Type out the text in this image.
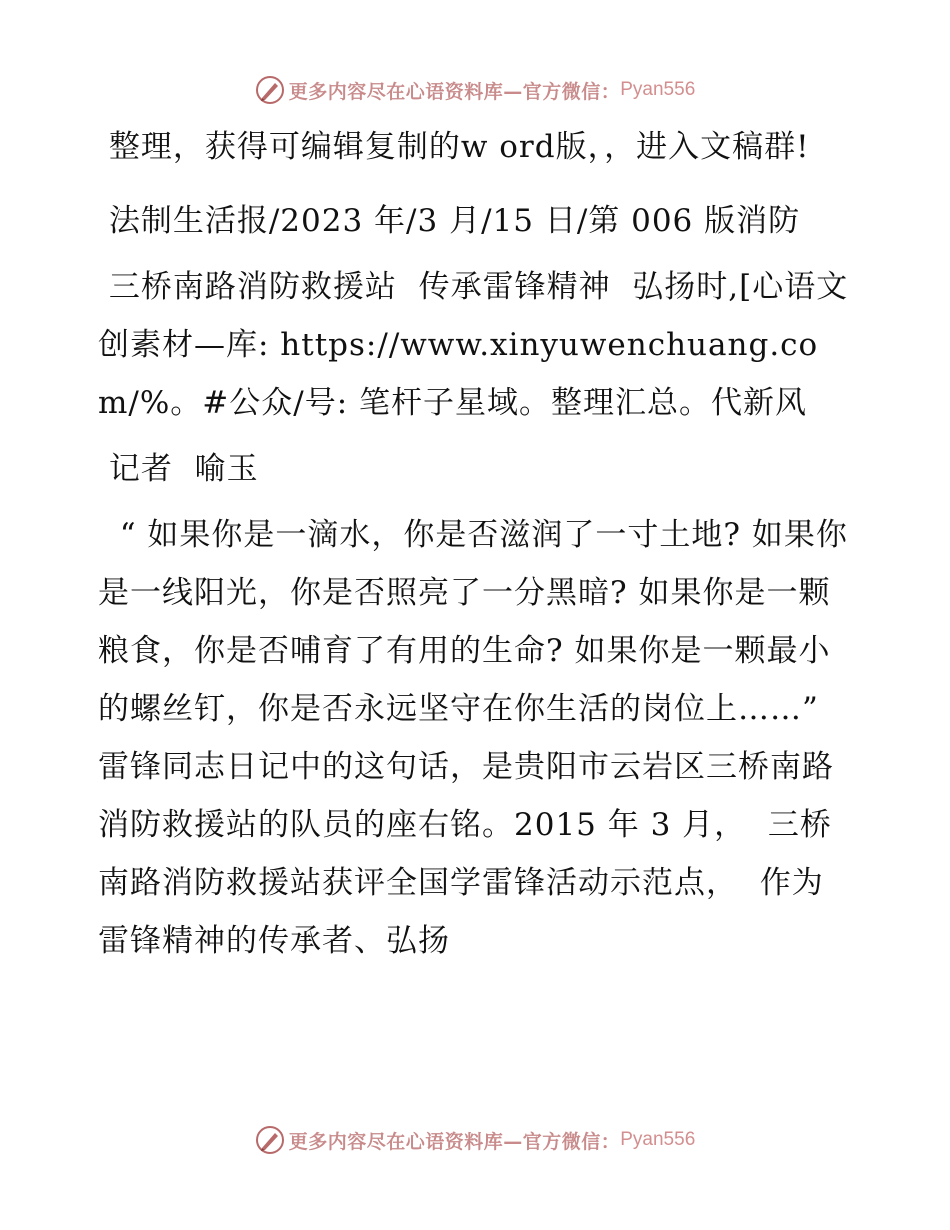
更多内容尽在心语资料库—官方微信： Pyan556

整理，获得可编辑复制的w ord版，，进入文稿群!

法制生活报/2023 年/3 月/15 日/第 006 版消防

三桥南路消防救援站  传承雷锋精神  弘扬时,[心语文创素材—库: https://www.xinyuwenchuang.com/%。#公众/号: 笔杆子星域。整理汇总。代新风

记者  喻玉

“ 如果你是一滴水，你是否滋润了一寸土地? 如果你是一线阳光，你是否照亮了一分黑暗? 如果你是一颗粮食，你是否哺育了有用的生命? 如果你是一颗最小的螺丝钉，你是否永远坚守在你生活的岗位上……”  雷锋同志日记中的这句话，是贵阳市云岩区三桥南路消防救援站的队员的座右铭。2015 年 3 月，  三桥南路消防救援站获评全国学雷锋活动示范点，  作为雷锋精神的传承者、弘扬

更多内容尽在心语资料库—官方微信： Pyan556
